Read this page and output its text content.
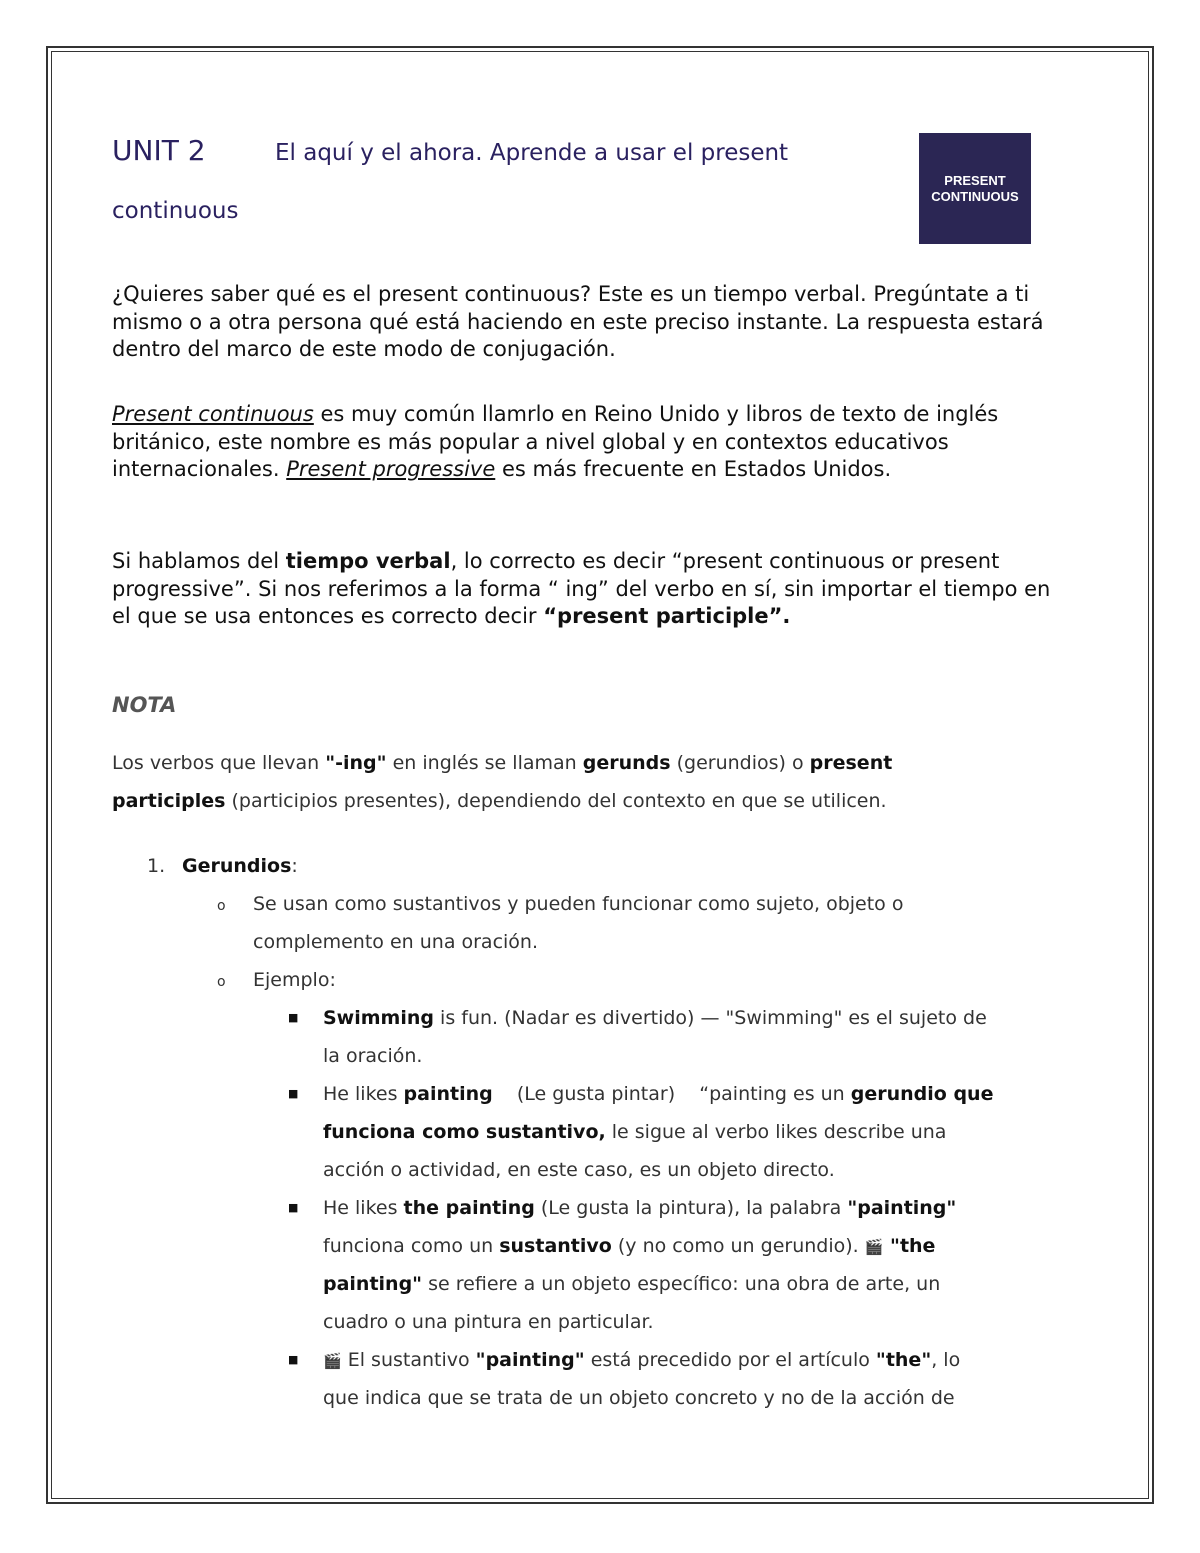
UNIT 2	El aquí y el ahora. Aprende a usar el present
continuous
PRESENT
CONTINUOUS
¿Quieres saber qué es el present continuous? Este es un tiempo verbal. Pregúntate a ti mismo o a otra persona qué está haciendo en este preciso instante. La respuesta estará dentro del marco de este modo de conjugación.
Present continuous es muy común llamrlo en Reino Unido y libros de texto de inglés británico, este nombre es más popular a nivel global y en contextos educativos internacionales. Present progressive es más frecuente en Estados Unidos.
Si hablamos del tiempo verbal, lo correcto es decir “present continuous or present progressive”. Si nos referimos a la forma “ ing” del verbo en sí, sin importar el tiempo en el que se usa entonces es correcto decir “present participle”.
NOTA
Los verbos que llevan "-ing" en inglés se llaman gerunds (gerundios) o present
participles (participios presentes), dependiendo del contexto en que se utilicen.
1. Gerundios:
o Se usan como sustantivos y pueden funcionar como sujeto, objeto o
complemento en una oración.
o Ejemplo:
■ Swimming is fun. (Nadar es divertido) — "Swimming" es el sujeto de
la oración.
■ He likes painting    (Le gusta pintar)    “painting es un gerundio que
funciona como sustantivo, le sigue al verbo likes describe una
acción o actividad, en este caso, es un objeto directo.
■ He likes the painting (Le gusta la pintura), la palabra "painting"
funciona como un sustantivo (y no como un gerundio). 🎬 "the
painting" se refiere a un objeto específico: una obra de arte, un
cuadro o una pintura en particular.
■ 🎬 El sustantivo "painting" está precedido por el artículo "the", lo
que indica que se trata de un objeto concreto y no de la acción de
